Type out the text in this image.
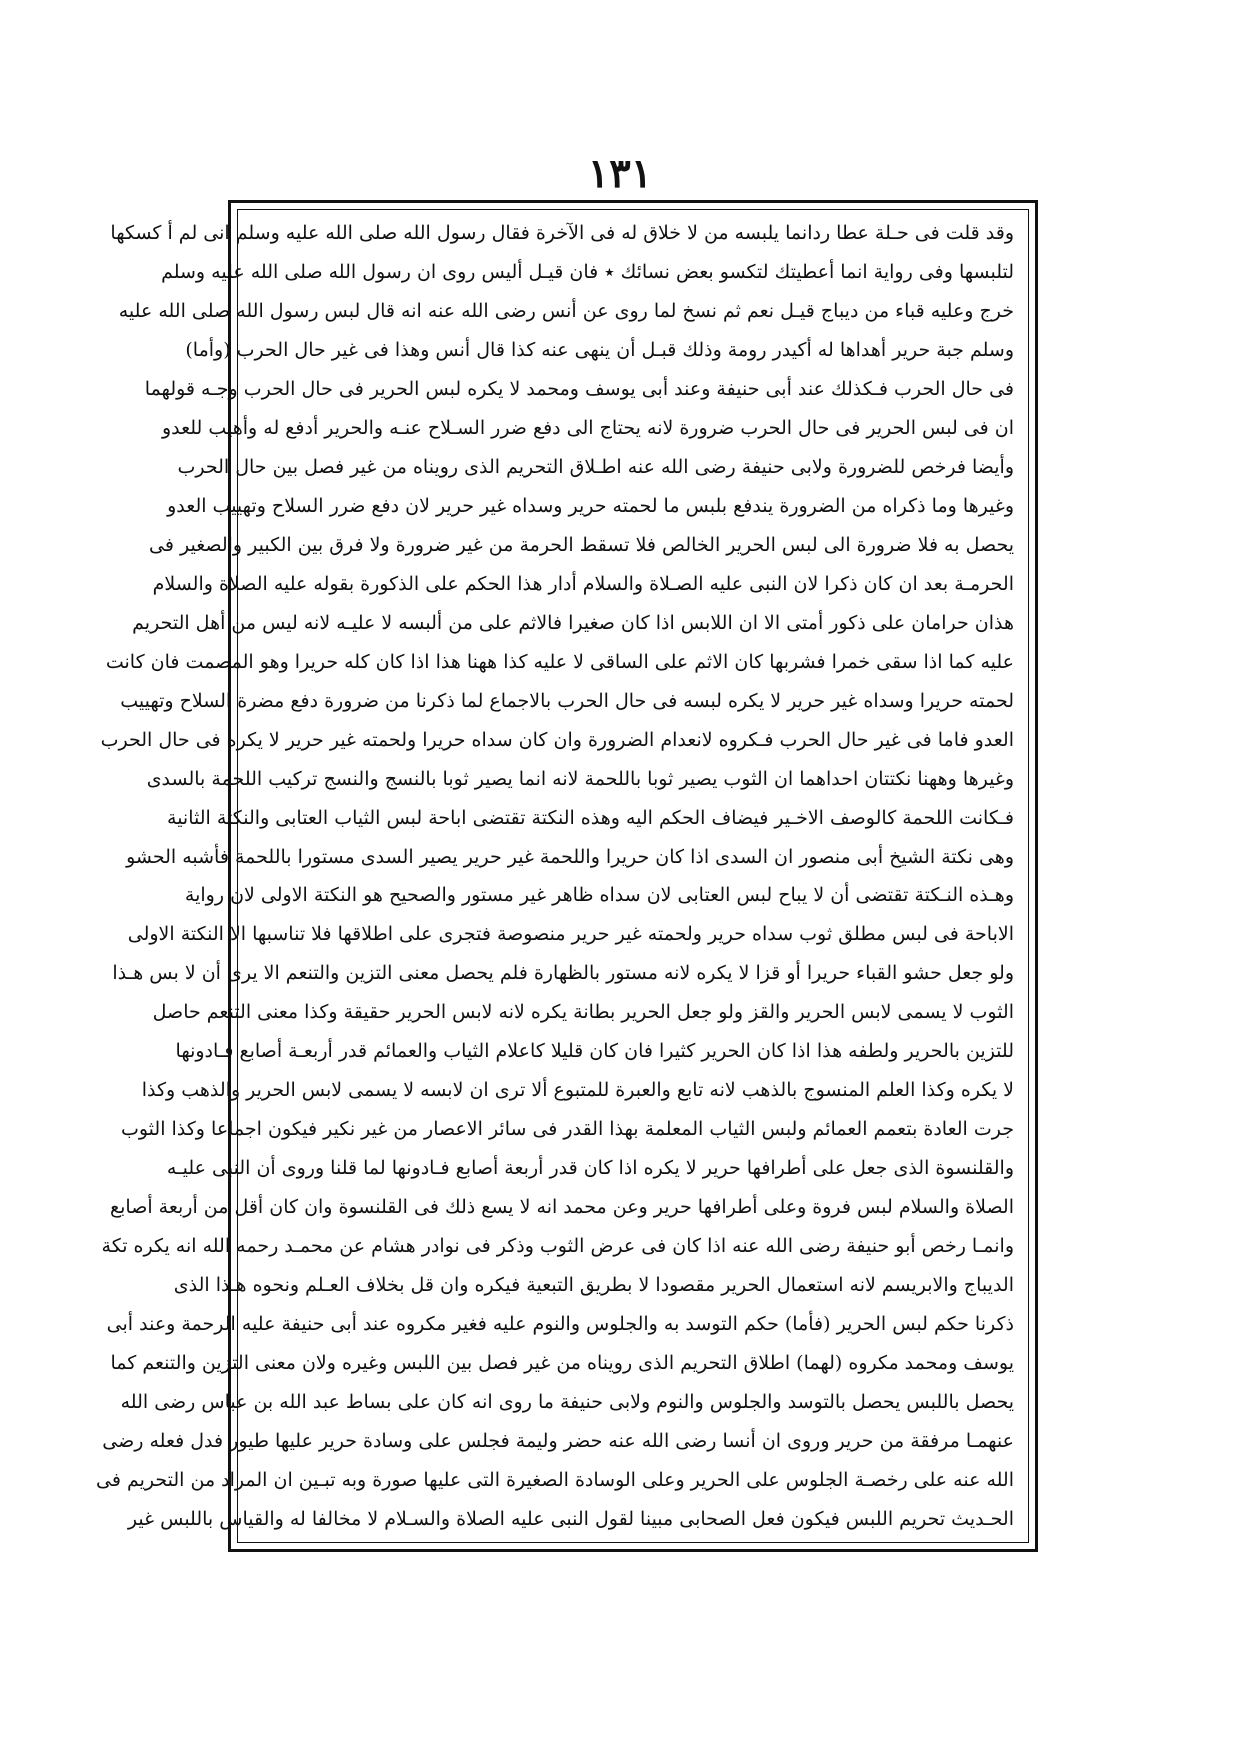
١٣١
وقد قلت فى حـلة عطا ردانما يلبسه من لا خلاق له فى الآخرة فقال رسول الله صلى الله عليه وسلم انى لم أ كسكها
لتلبسها وفى رواية انما أعطيتك لتكسو بعض نسائك ٭ فان قيـل أليس روى ان رسول الله صلى الله عليه وسلم
خرج وعليه قباء من ديباج قيـل نعم ثم نسخ لما روى عن أنس رضى الله عنه انه قال لبس رسول الله صلى الله عليه
وسلم جبة حرير أهداها له أكيدر رومة وذلك قبـل أن ينهى عنه كذا قال أنس وهذا فى غير حال الحرب (وأما)
فى حال الحرب فـكذلك عند أبى حنيفة وعند أبى يوسف ومحمد لا يكره لبس الحرير فى حال الحرب وجـه قولهما
ان فى لبس الحرير فى حال الحرب ضرورة لانه يحتاج الى دفع ضرر السـلاح عنـه والحرير أدفع له وأهيب للعدو
وأيضا فرخص للضرورة ولابى حنيفة رضى الله عنه اطـلاق التحريم الذى رويناه من غير فصل بين حال الحرب
وغيرها وما ذكراه من الضرورة يندفع بلبس ما لحمته حرير وسداه غير حرير لان دفع ضرر السلاح وتهييب العدو
يحصل به فلا ضرورة الى لبس الحرير الخالص فلا تسقط الحرمة من غير ضرورة ولا فرق بين الكبير والصغير فى
الحرمـة بعد ان كان ذكرا لان النبى عليه الصـلاة والسلام أدار هذا الحكم على الذكورة بقوله عليه الصلاة والسلام
هذان حرامان على ذكور أمتى الا ان اللابس اذا كان صغيرا فالاثم على من ألبسه لا عليـه لانه ليس من أهل التحريم
عليه كما اذا سقى خمرا فشربها كان الاثم على الساقى لا عليه كذا ههنا هذا اذا كان كله حريرا وهو المصمت فان كانت
لحمته حريرا وسداه غير حرير لا يكره لبسه فى حال الحرب بالاجماع لما ذكرنا من ضرورة دفع مضرة السلاح وتهييب
العدو فاما فى غير حال الحرب فـكروه لانعدام الضرورة وان كان سداه حريرا ولحمته غير حرير لا يكره فى حال الحرب
وغيرها وههنا نكتتان احداهما ان الثوب يصير ثوبا باللحمة لانه انما يصير ثوبا بالنسج والنسج تركيب اللحمة بالسدى
فـكانت اللحمة كالوصف الاخـير فيضاف الحكم اليه وهذه النكتة تقتضى اباحة لبس الثياب العتابى والنكتة الثانية
وهى نكتة الشيخ أبى منصور ان السدى اذا كان حريرا واللحمة غير حرير يصير السدى مستورا باللحمة فأشبه الحشو
وهـذه النـكتة تقتضى أن لا يباح لبس العتابى لان سداه ظاهر غير مستور والصحيح هو النكتة الاولى لان رواية
الاباحة فى لبس مطلق ثوب سداه حرير ولحمته غير حرير منصوصة فتجرى على اطلاقها فلا تناسبها الا النكتة الاولى
ولو جعل حشو القباء حريرا أو قزا لا يكره لانه مستور بالظهارة فلم يحصل معنى التزين والتنعم الا يرى أن لا بس هـذا
الثوب لا يسمى لابس الحرير والقز ولو جعل الحرير بطانة يكره لانه لابس الحرير حقيقة وكذا معنى التنعم حاصل
للتزين بالحرير ولطفه هذا اذا كان الحرير كثيرا فان كان قليلا كاعلام الثياب والعمائم قدر أربعـة أصابع فـادونها
لا يكره وكذا العلم المنسوج بالذهب لانه تابع والعبرة للمتبوع ألا ترى ان لابسه لا يسمى لابس الحرير والذهب وكذا
جرت العادة بتعمم العمائم ولبس الثياب المعلمة بهذا القدر فى سائر الاعصار من غير نكير فيكون اجماعا وكذا الثوب
والقلنسوة الذى جعل على أطرافها حرير لا يكره اذا كان قدر أربعة أصابع فـادونها لما قلنا وروى أن النبى عليـه
الصلاة والسلام لبس فروة وعلى أطرافها حرير وعن محمد انه لا يسع ذلك فى القلنسوة وان كان أقل من أربعة أصابع
وانمـا رخص أبو حنيفة رضى الله عنه اذا كان فى عرض الثوب وذكر فى نوادر هشام عن محمـد رحمه الله انه يكره تكة
الديباج والابريسم لانه استعمال الحرير مقصودا لا بطريق التبعية فيكره وان قل بخلاف العـلم ونحوه هـذا الذى
ذكرنا حكم لبس الحرير (فأما) حكم التوسد به والجلوس والنوم عليه فغير مكروه عند أبى حنيفة عليه الرحمة وعند أبى
يوسف ومحمد مكروه (لهما) اطلاق التحريم الذى رويناه من غير فصل بين اللبس وغيره ولان معنى التزين والتنعم كما
يحصل باللبس يحصل بالتوسد والجلوس والنوم ولابى حنيفة ما روى انه كان على بساط عبد الله بن عباس رضى الله
عنهمـا مرفقة من حرير وروى ان أنسا رضى الله عنه حضر وليمة فجلس على وسادة حرير عليها طيور فدل فعله رضى
الله عنه على رخصـة الجلوس على الحرير وعلى الوسادة الصغيرة التى عليها صورة وبه تبـين ان المراد من التحريم فى
الحـديث تحريم اللبس فيكون فعل الصحابى مبينا لقول النبى عليه الصلاة والسـلام لا مخالفا له والقياس باللبس غير
